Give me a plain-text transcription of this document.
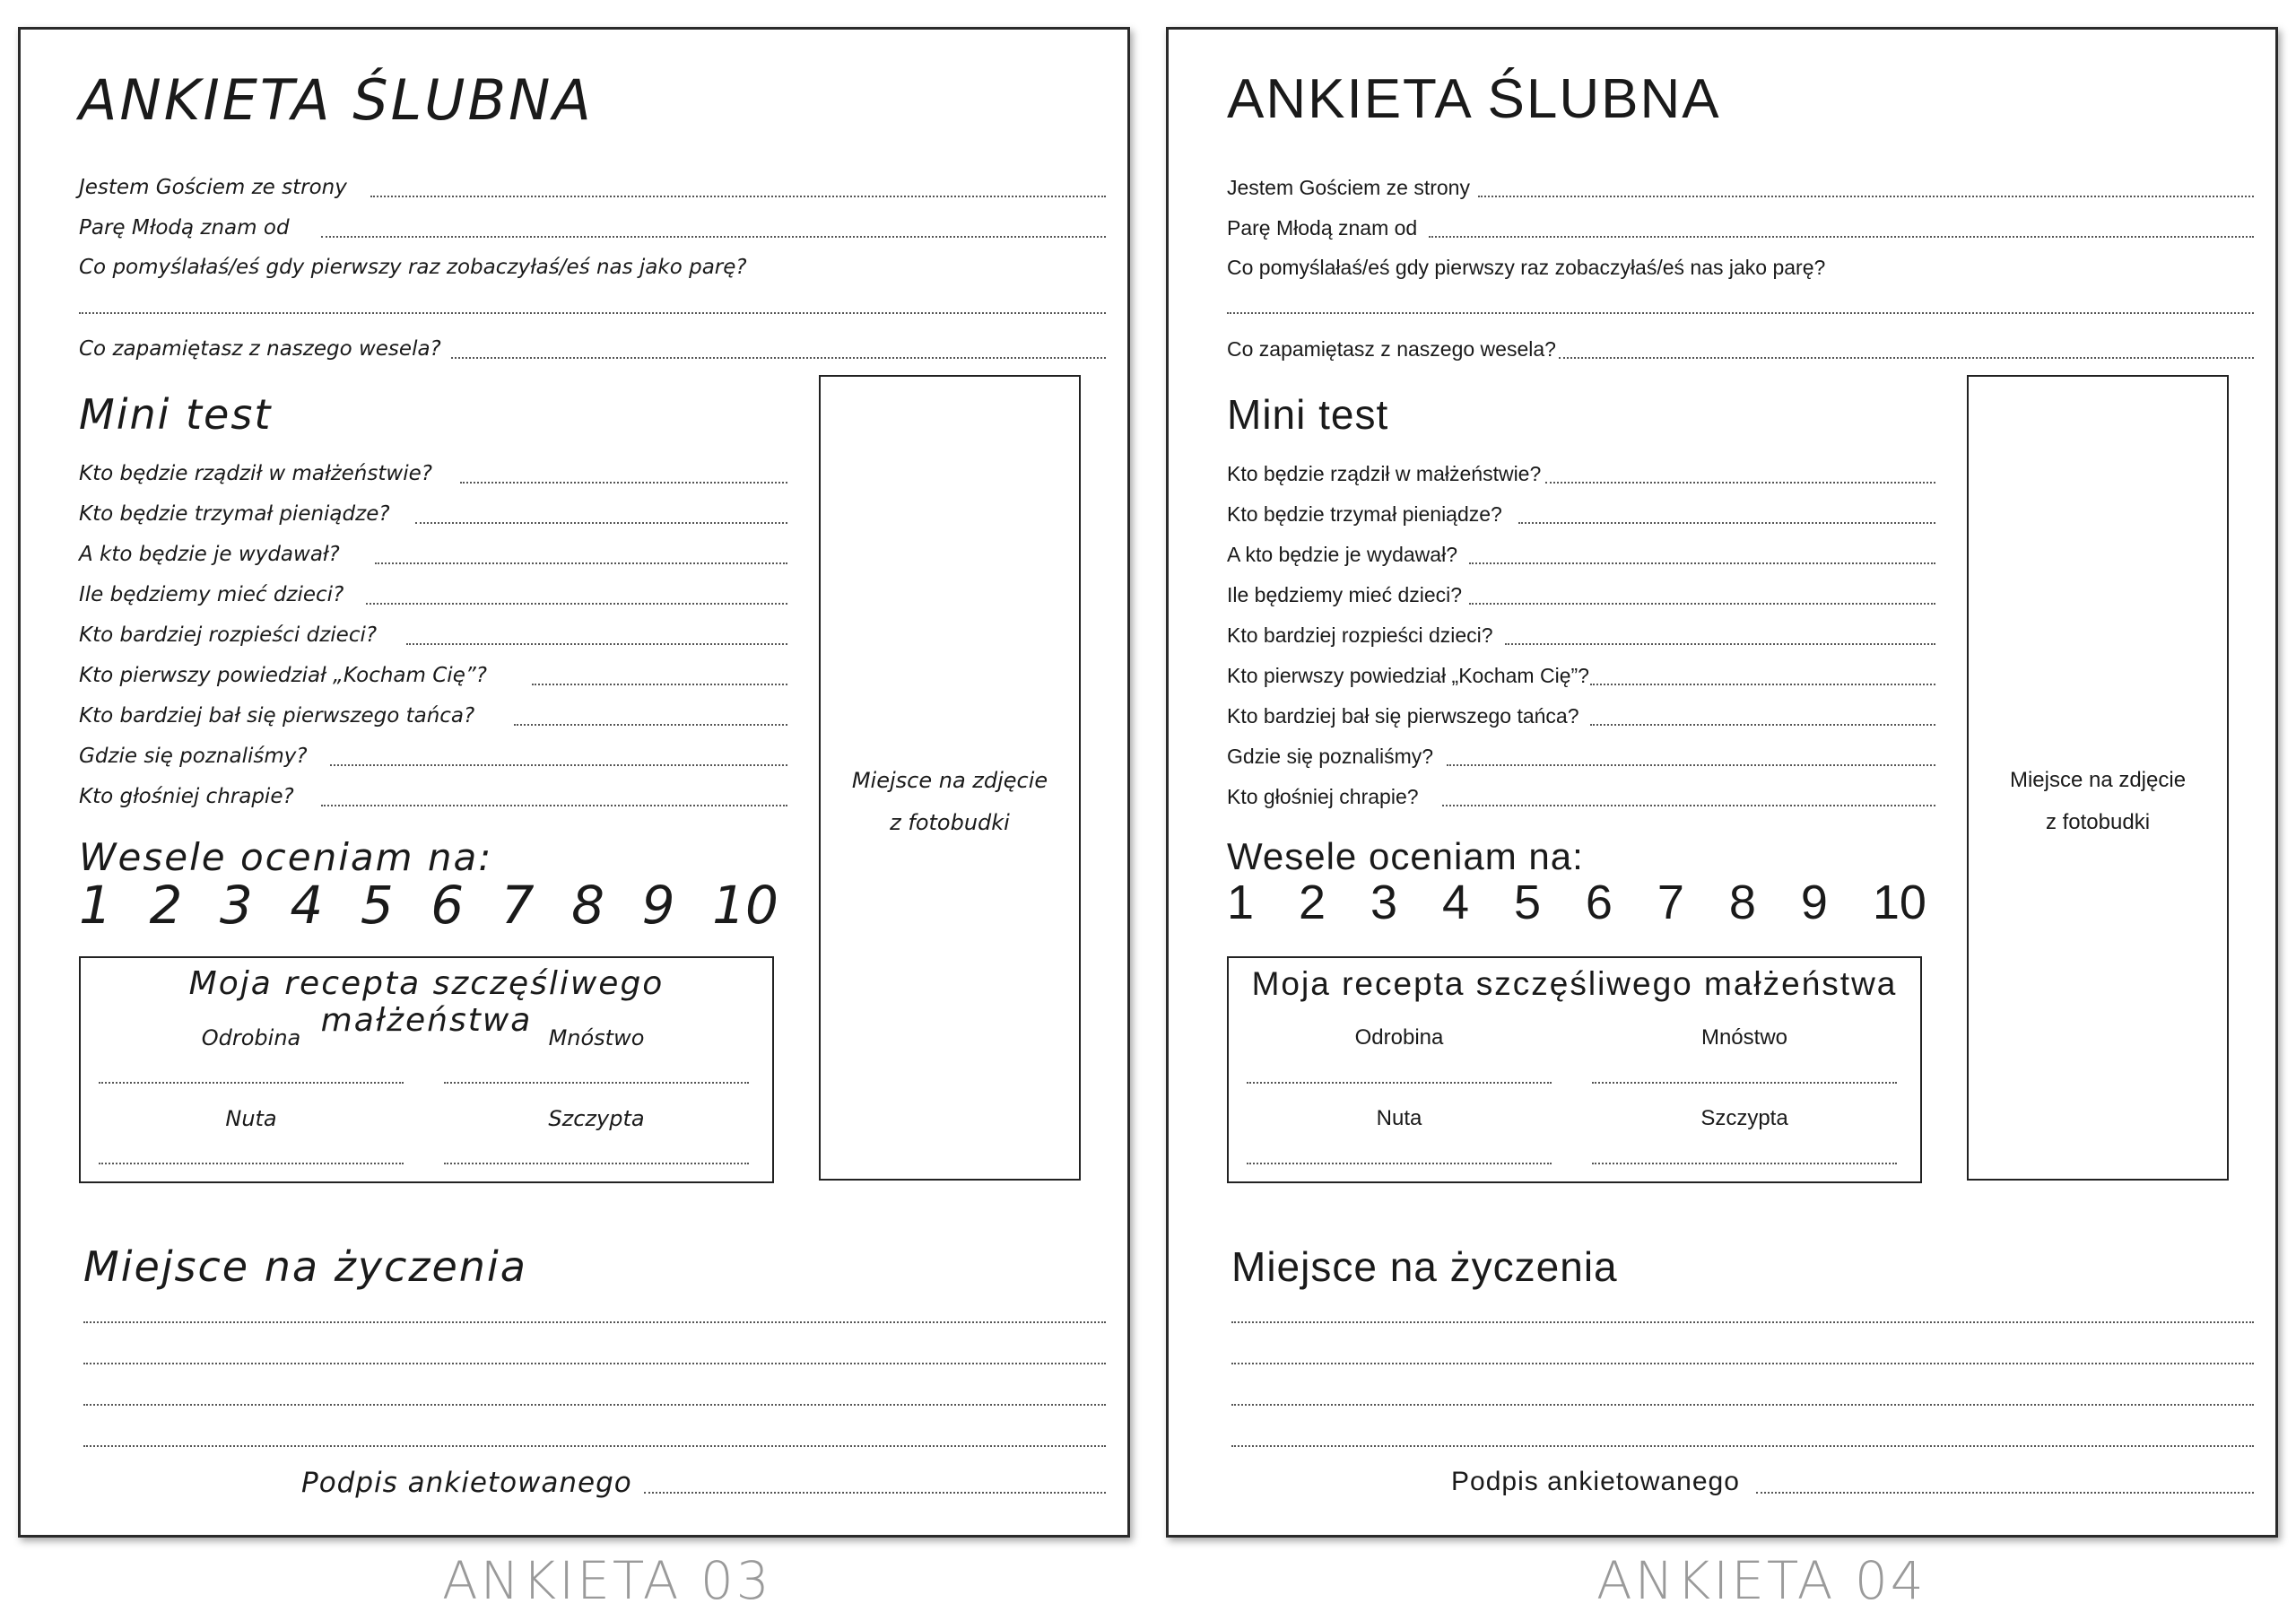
ANKIETA ŚLUBNA
Jestem Gościem ze strony
Parę Młodą znam od
Co pomyślałaś/eś gdy pierwszy raz zobaczyłaś/eś nas jako parę?
Co zapamiętasz z naszego wesela?
Mini test
Kto będzie rządził w małżeństwie?
Kto będzie trzymał pieniądze?
A kto będzie je wydawał?
Ile będziemy mieć dzieci?
Kto bardziej rozpieści dzieci?
Kto pierwszy powiedział „Kocham Cię”?
Kto bardziej bał się pierwszego tańca?
Gdzie się poznaliśmy?
Kto głośniej chrapie?
Miejsce na zdjęcie
z fotobudki
Wesele oceniam na:
1 2 3 4 5 6 7 8 9 10
Moja recepta szczęśliwego małżeństwa
Odrobina	Mnóstwo
Nuta	Szczypta
Miejsce na życzenia
Podpis ankietowanego
ANKIETA ŚLUBNA
Jestem Gościem ze strony
Parę Młodą znam od
Co pomyślałaś/eś gdy pierwszy raz zobaczyłaś/eś nas jako parę?
Co zapamiętasz z naszego wesela?
Mini test
Kto będzie rządził w małżeństwie?
Kto będzie trzymał pieniądze?
A kto będzie je wydawał?
Ile będziemy mieć dzieci?
Kto bardziej rozpieści dzieci?
Kto pierwszy powiedział „Kocham Cię”?
Kto bardziej bał się pierwszego tańca?
Gdzie się poznaliśmy?
Kto głośniej chrapie?
Miejsce na zdjęcie
z fotobudki
Wesele oceniam na:
1 2 3 4 5 6 7 8 9 10
Moja recepta szczęśliwego małżeństwa
Odrobina	Mnóstwo
Nuta	Szczypta
Miejsce na życzenia
Podpis ankietowanego
ANKIETA 03	ANKIETA 04
